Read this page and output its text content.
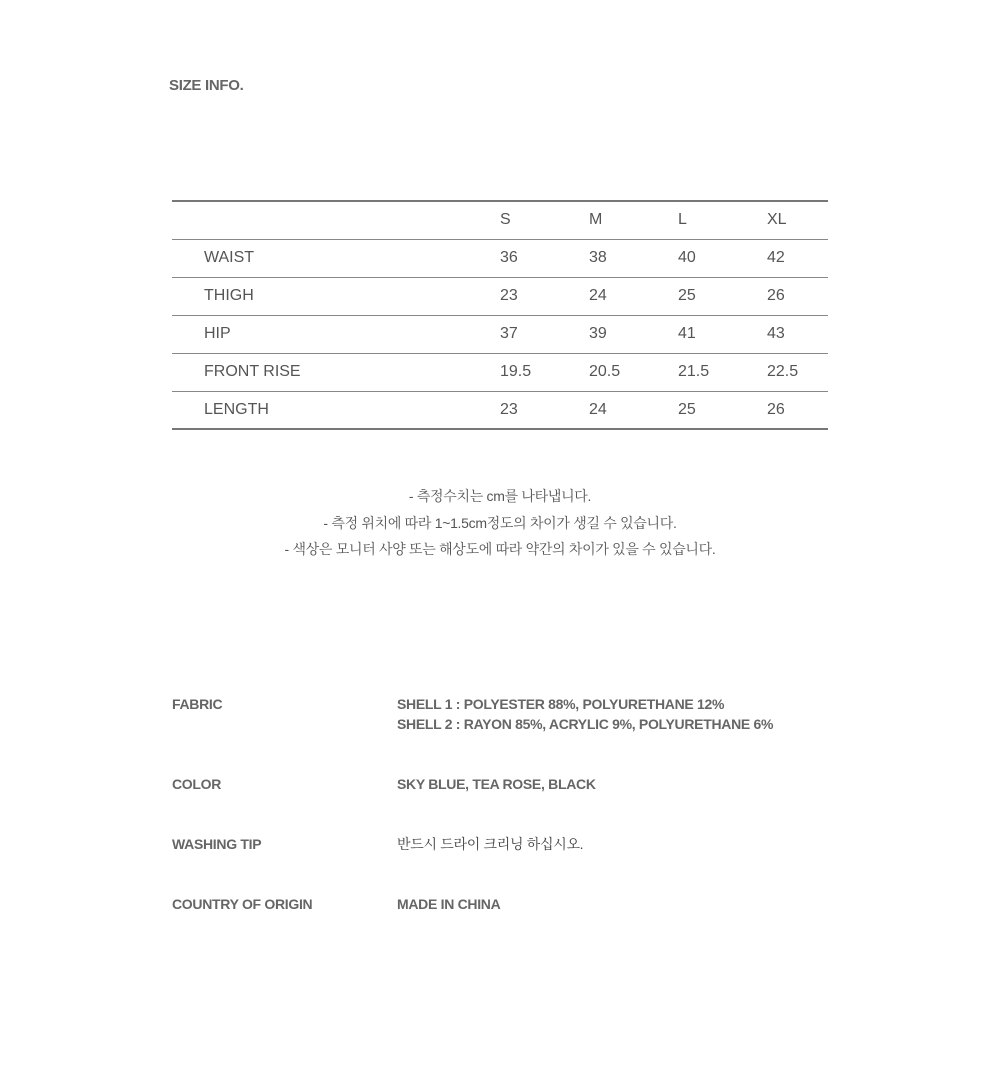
SIZE INFO.
	S	M	L	XL
WAIST	36	38	40	42
THIGH	23	24	25	26
HIP	37	39	41	43
FRONT RISE	19.5	20.5	21.5	22.5
LENGTH	23	24	25	26
- 측정수치는 cm를 나타냅니다.
- 측정 위치에 따라 1~1.5cm정도의 차이가 생길 수 있습니다.
- 색상은 모니터 사양 또는 해상도에 따라 약간의 차이가 있을 수 있습니다.
FABRIC	SHELL 1 : POLYESTER 88%, POLYURETHANE 12%
SHELL 2 : RAYON 85%, ACRYLIC 9%, POLYURETHANE 6%
COLOR	SKY BLUE, TEA ROSE, BLACK
WASHING TIP	반드시 드라이 크리닝 하십시오.
COUNTRY OF ORIGIN	MADE IN CHINA
